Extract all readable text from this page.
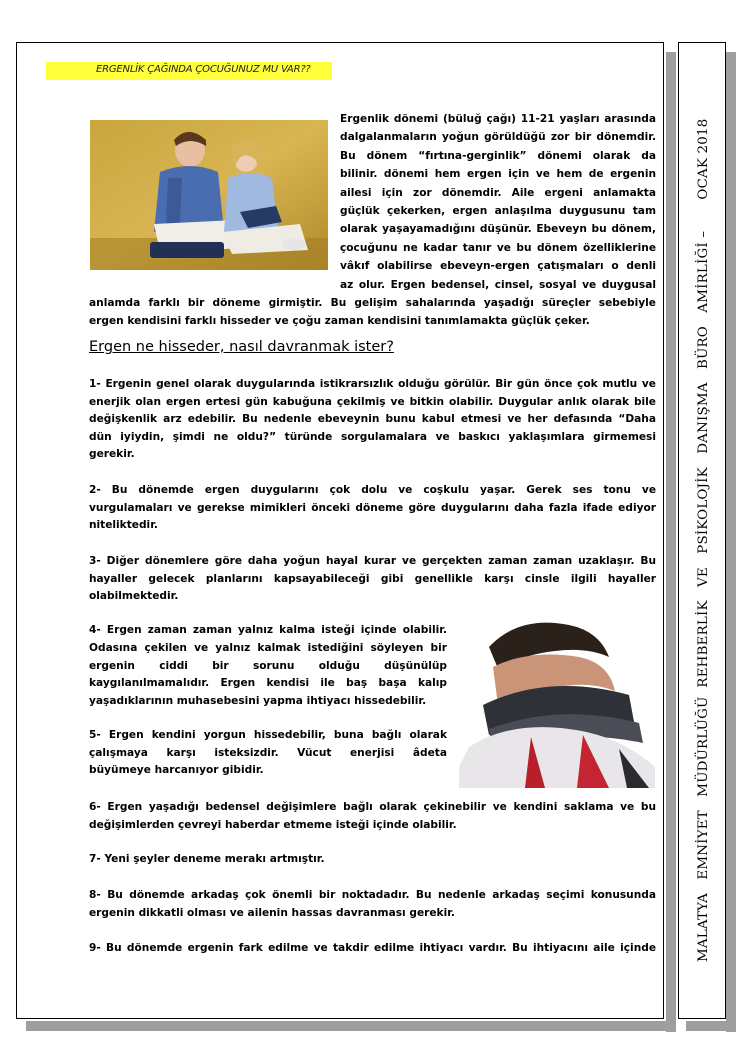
MALATYA   EMNİYET   MÜDÜRLÜĞÜ  REHBERLİK   VE   PSİKOLOJİK   DANIŞMA   BÜRO   AMİRLİĞİ –       OCAK 2018
ERGENLİK ÇAĞINDA ÇOCUĞUNUZ MU VAR??
Ergenlik dönemi (büluğ çağı) 11-21 yaşları arasında
dalgalanmaların yoğun görüldüğü zor bir dönemdir.
Bu dönem “fırtına-gerginlik” dönemi olarak da
bilinir. dönemi hem ergen için ve hem de ergenin
ailesi için zor dönemdir. Aile ergeni anlamakta
güçlük çekerken, ergen anlaşılma duygusunu tam
olarak yaşayamadığını düşünür. Ebeveyn bu dönem,
çocuğunu ne kadar tanır ve bu dönem özelliklerine
vâkıf olabilirse ebeveyn-ergen çatışmaları o denli
az olur. Ergen bedensel, cinsel, sosyal ve duygusal
anlamda farklı bir döneme girmiştir. Bu gelişim sahalarında yaşadığı süreçler sebebiyle
ergen kendisini farklı hisseder ve çoğu zaman kendisini tanımlamakta güçlük çeker.
Ergen ne hisseder, nasıl davranmak ister?
1- Ergenin genel olarak duygularında istikrarsızlık olduğu görülür. Bir gün önce çok mutlu ve
enerjik olan ergen ertesi gün kabuğuna çekilmiş ve bitkin olabilir. Duygular anlık olarak bile
değişkenlik arz edebilir. Bu nedenle ebeveynin bunu kabul etmesi ve her defasında “Daha
dün iyiydin, şimdi ne oldu?” türünde sorgulamalara ve baskıcı yaklaşımlara girmemesi
gerekir.
2- Bu dönemde ergen duygularını çok dolu ve coşkulu yaşar. Gerek ses tonu ve
vurgulamaları ve gerekse mimikleri önceki döneme göre duygularını daha fazla ifade ediyor
niteliktedir.
3- Diğer dönemlere göre daha yoğun hayal kurar ve gerçekten zaman zaman uzaklaşır. Bu
hayaller gelecek planlarını kapsayabileceği gibi genellikle karşı cinsle ilgili hayaller
olabilmektedir.
4- Ergen zaman zaman yalnız kalma isteği içinde olabilir.
Odasına çekilen ve yalnız kalmak istediğini söyleyen bir
ergenin ciddi bir sorunu olduğu düşünülüp
kaygılanılmamalıdır. Ergen kendisi ile baş başa kalıp
yaşadıklarının muhasebesini yapma ihtiyacı hissedebilir.
5- Ergen kendini yorgun hissedebilir, buna bağlı olarak
çalışmaya karşı isteksizdir. Vücut enerjisi âdeta
büyümeye harcanıyor gibidir.
6- Ergen yaşadığı bedensel değişimlere bağlı olarak çekinebilir ve kendini saklama ve bu
değişimlerden çevreyi haberdar etmeme isteği içinde olabilir.
7- Yeni şeyler deneme merakı artmıştır.
8- Bu dönemde arkadaş çok önemli bir noktadadır. Bu nedenle arkadaş seçimi konusunda
ergenin dikkatli olması ve ailenin hassas davranması gerekir.
9- Bu dönemde ergenin fark edilme ve takdir edilme ihtiyacı vardır. Bu ihtiyacını aile içinde
